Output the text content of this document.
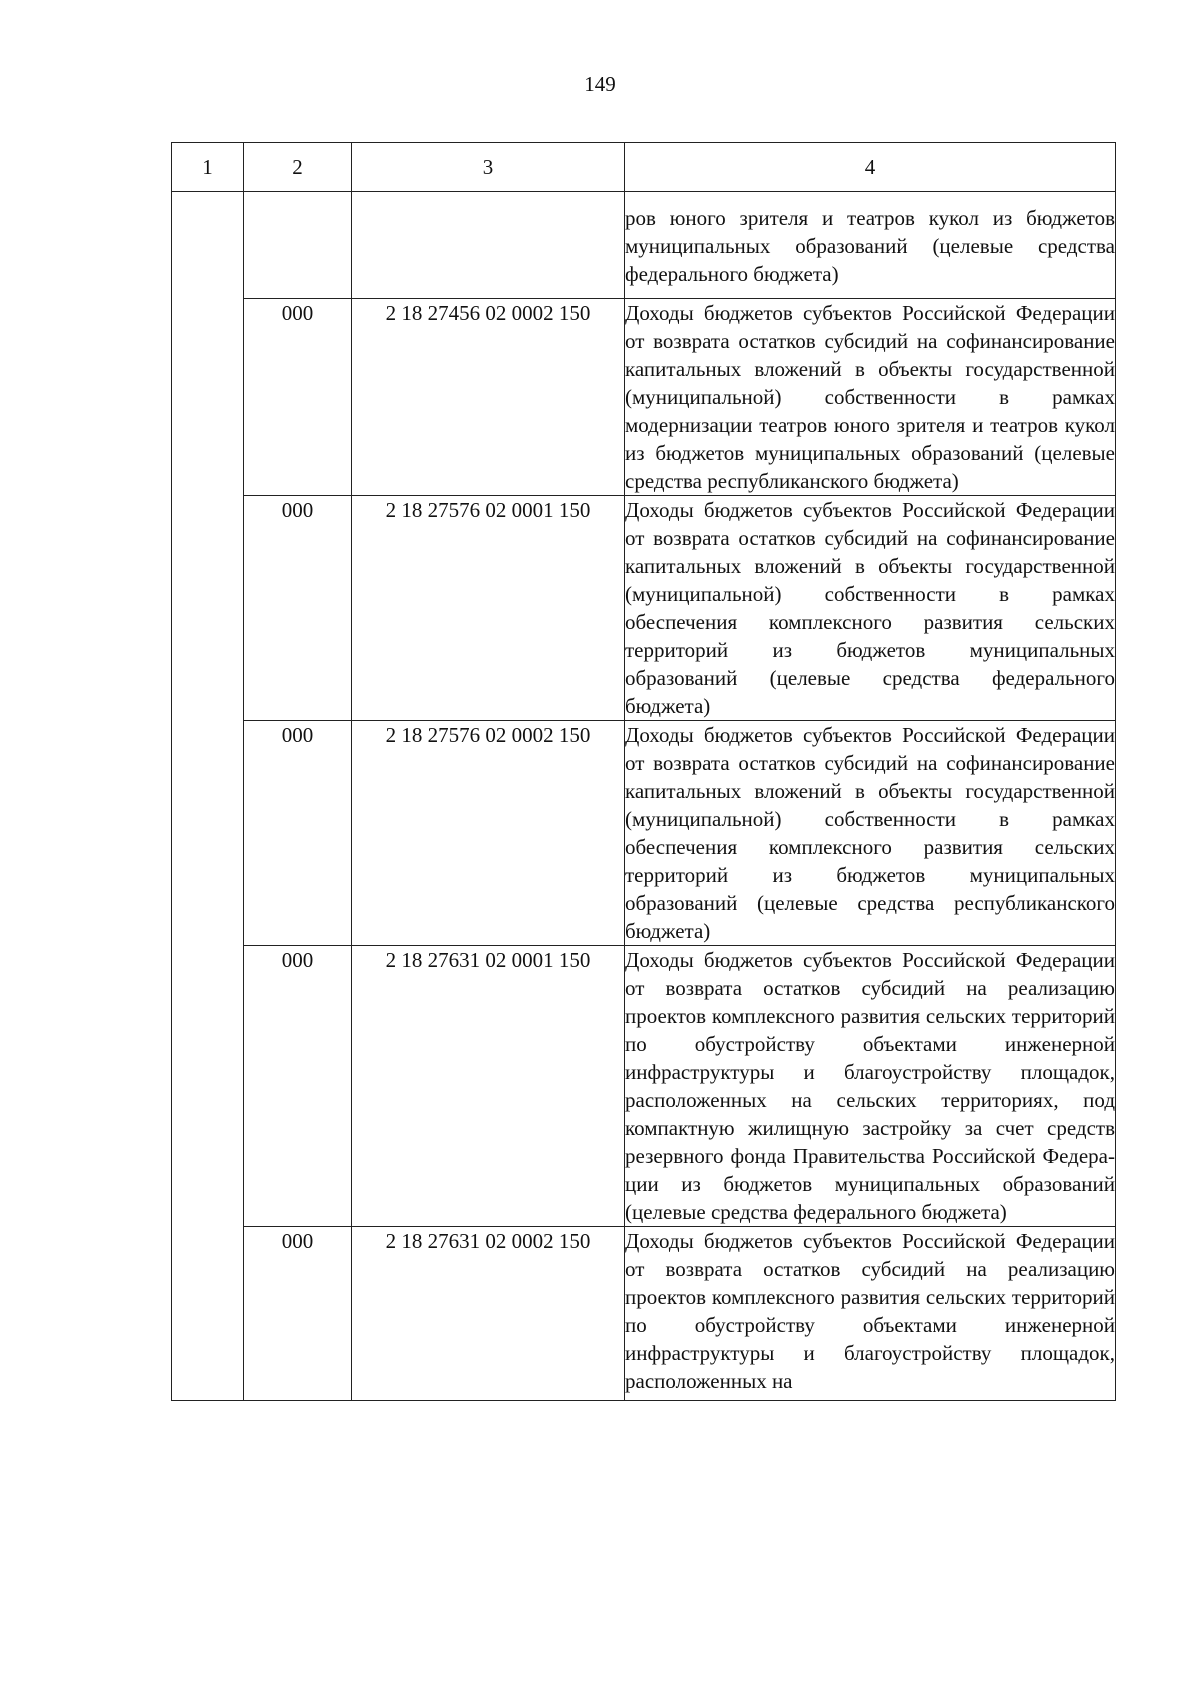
149
1	2	3	4
			ров юного зрителя и театров кукол из бюджетов муниципальных образований (целевые средства федерального бюджета)
	000	2 18 27456 02 0002 150	Доходы бюджетов субъектов Российской Федерации от возврата остатков субсидий на софинансирование капитальных вложений в объекты государственной (муниципальной) собственности в рамках модернизации театров юного зрителя и театров кукол из бюджетов муниципальных образований (целевые средства республиканского бюджета)
	000	2 18 27576 02 0001 150	Доходы бюджетов субъектов Российской Федерации от возврата остатков субсидий на софинансирование капитальных вложений в объекты государственной (муниципальной) собственности в рамках обеспечения комплексного развития сельских территорий из бюджетов муниципальных образований (целевые средства федерального бюджета)
	000	2 18 27576 02 0002 150	Доходы бюджетов субъектов Российской Федерации от возврата остатков субсидий на софинансирование капитальных вложений в объекты государственной (муниципальной) собственности в рамках обеспечения комплексного развития сельских территорий из бюджетов муниципальных образований (целевые средства республиканского бюджета)
	000	2 18 27631 02 0001 150	Доходы бюджетов субъектов Российской Федерации от возврата остатков субсидий на реализацию проектов комплексного развития сельских территорий по обустройству объектами инженерной инфраструктуры и благоустройству площадок, расположенных на сельских территориях, под компактную жилищную застройку за счет средств резервного фонда Правительства Российской Федерации из бюджетов муниципальных образований (целевые средства федерального бюджета)
	000	2 18 27631 02 0002 150	Доходы бюджетов субъектов Российской Федерации от возврата остатков субсидий на реализацию проектов комплексного развития сельских территорий по обустройству объектами инженерной инфраструктуры и благоустройству площадок, расположенных на
